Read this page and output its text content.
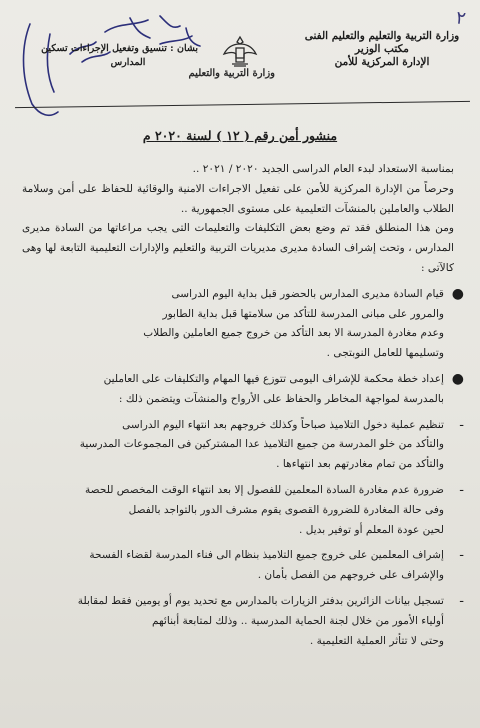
٢
وزارة التربية والتعليم والتعليم الفنى
مكتب الوزير
الإدارة المركزية للأمن
وزارة التربية والتعليم
بشان : تنسيق وتفعيل الإجراءات تسكين
المدارس
منشور أمن رقم ( ١٢ ) لسنة ٢٠٢٠ م

بمناسبة الاستعداد لبدء العام الدراسى الجديد ٢٠٢٠ / ٢٠٢١ ..

وحرصاً من الإدارة المركزية للأمن على تفعيل الاجراءات الامنية والوقائية للحفاظ على أمن وسلامة الطلاب والعاملين بالمنشآت التعليمية على مستوى الجمهورية ..

ومن هذا المنطلق فقد تم وضع بعض التكليفات والتعليمات التى يجب مراعاتها من السادة مديرى المدارس ، وتحت إشراف السادة مديرى مديريات التربية والتعليم والإدارات التعليمية التابعة لها وهى كالآتى :

●
قيام السادة مديرى المدارس بالحضور قبل بداية اليوم الدراسى
والمرور على مبانى المدرسة للتأكد من سلامتها قبل بداية الطابور
وعدم مغادرة المدرسة الا بعد التأكد من خروج جميع العاملين والطلاب
وتسليمها للعامل النوبتجى .
●
إعداد خطة محكمة للإشراف اليومى تتوزع فيها المهام والتكليفات على العاملين
بالمدرسة لمواجهة المخاطر والحفاظ على الأرواح والمنشآت ويتضمن ذلك :
-
تنظيم عملية دخول التلاميذ صباحاً وكذلك خروجهم بعد انتهاء اليوم الدراسى
والتأكد من خلو المدرسة من جميع التلاميذ عدا المشتركين فى المجموعات المدرسية
والتأكد من تمام مغادرتهم بعد انتهاءها .
-
ضرورة عدم مغادرة السادة المعلمين للفصول إلا بعد انتهاء الوقت المخصص للحصة
وفى حالة المغادرة للضرورة القصوى يقوم مشرف الدور بالتواجد بالفصل
لحين عودة المعلم أو توفير بديل .
-
إشراف المعلمين على خروج جميع التلاميذ بنظام الى فناء المدرسة لقضاء الفسحة
والإشراف على خروجهم من الفصل بأمان .
-
تسجيل بيانات الزائرين بدفتر الزيارات بالمدارس مع تحديد يوم أو يومين فقط لمقابلة
أولياء الأمور من خلال لجنة الحماية المدرسية .. وذلك لمتابعة أبنائهم
وحتى لا تتأثر العملية التعليمية .
